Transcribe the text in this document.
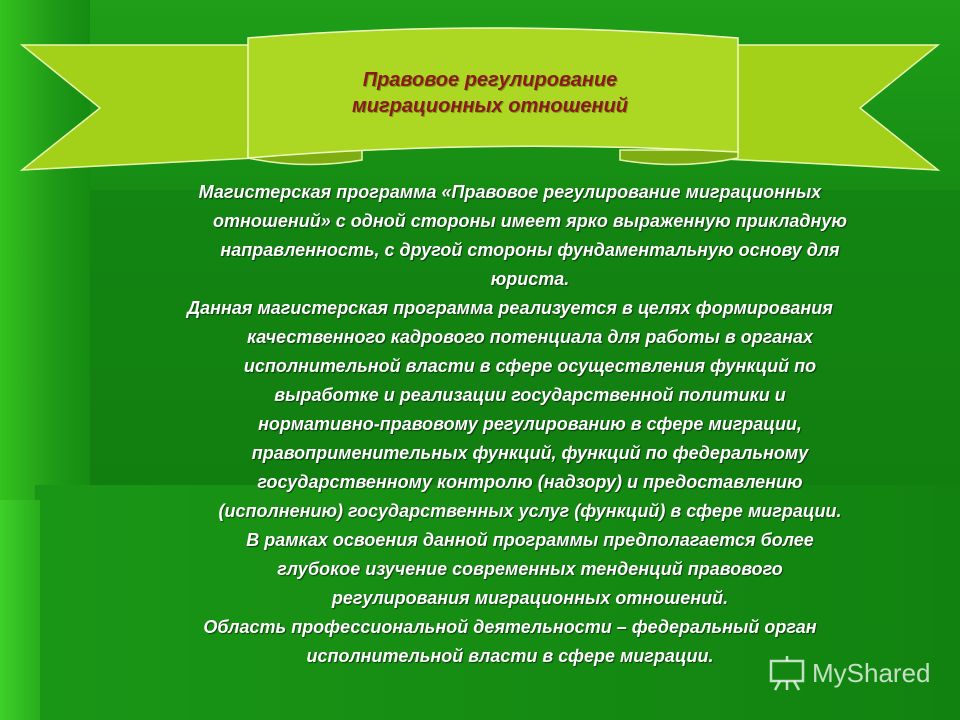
Правовое регулирование
миграционных отношений
Магистерская программа «Правовое регулирование миграционных
отношений» с одной стороны имеет ярко выраженную прикладную
направленность, с другой стороны фундаментальную основу для
юриста.
Данная магистерская программа реализуется в целях формирования
качественного кадрового потенциала для работы в органах
исполнительной власти в сфере осуществления функций по
выработке и реализации государственной политики и
нормативно-правовому регулированию в сфере миграции,
правоприменительных функций, функций по федеральному
государственному контролю (надзору) и предоставлению
(исполнению) государственных услуг (функций) в сфере миграции.
В рамках освоения данной программы предполагается более
глубокое изучение современных тенденций правового
регулирования миграционных отношений.
Область профессиональной деятельности – федеральный орган
исполнительной власти в сфере миграции.
MyShared
